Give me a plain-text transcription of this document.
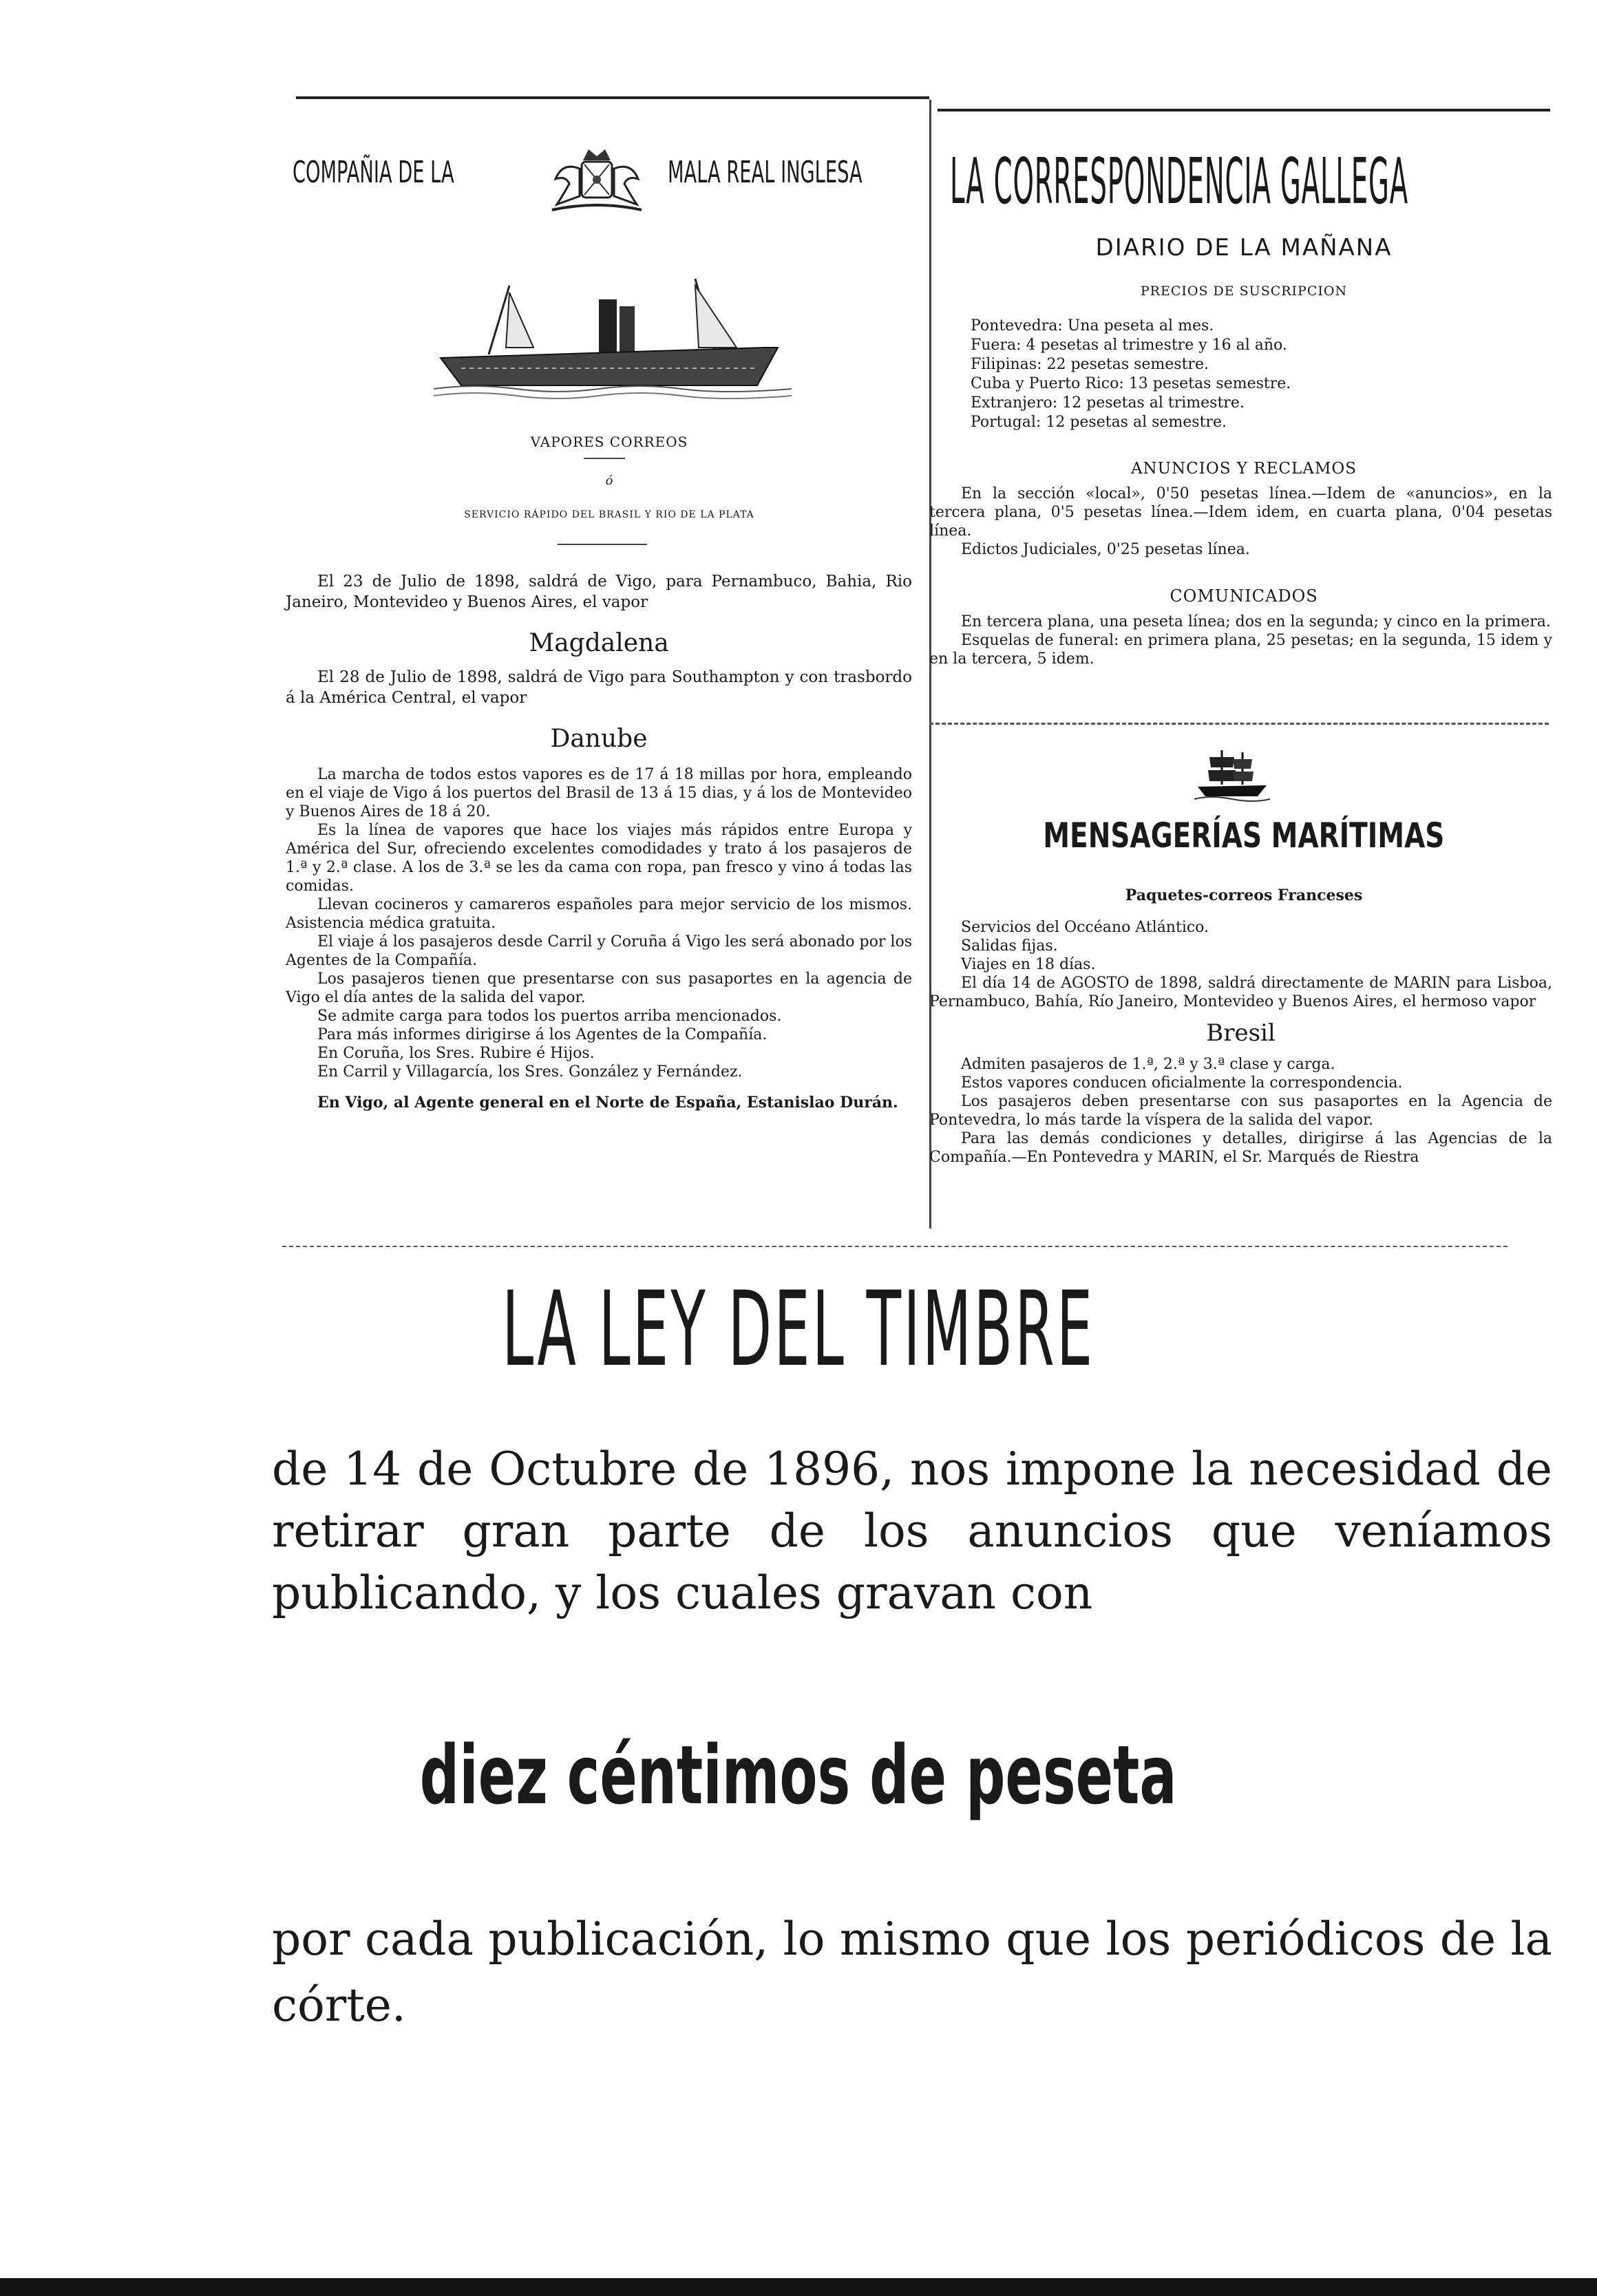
COMPAÑIA DE LA	MALA REAL INGLESA
VAPORES CORREOS
ó
SERVICIO RÁPIDO DEL BRASIL Y RIO DE LA PLATA

El 23 de Julio de 1898, saldrá de Vigo, para Pernambuco, Bahia, Rio Janeiro, Montevideo y Buenos Aires, el vapor

Magdalena

El 28 de Julio de 1898, saldrá de Vigo para Southampton y con trasbordo á la América Central, el vapor

Danube

La marcha de todos estos vapores es de 17 á 18 millas por hora, empleando en el viaje de Vigo á los puertos del Brasil de 13 á 15 dias, y á los de Montevideo y Buenos Aires de 18 á 20.

Es la línea de vapores que hace los viajes más rápidos entre Europa y América del Sur, ofreciendo excelentes comodidades y trato á los pasajeros de 1.ª y 2.ª clase. A los de 3.ª se les da cama con ropa, pan fresco y vino á todas las comidas.

Llevan cocineros y camareros españoles para mejor servicio de los mismos. Asistencia médica gratuita.

El viaje á los pasajeros desde Carril y Coruña á Vigo les será abonado por los Agentes de la Compañía.

Los pasajeros tienen que presentarse con sus pasaportes en la agencia de Vigo el día antes de la salida del vapor.

Se admite carga para todos los puertos arriba mencionados.

Para más informes dirigirse á los Agentes de la Compañía.

En Coruña, los Sres. Rubire é Hijos.

En Carril y Villagarcía, los Sres. González y Fernández.

En Vigo, al Agente general en el Norte de España, Estanislao Durán.

LA CORRESPONDENCIA GALLEGA
DIARIO DE LA MAÑANA
PRECIOS DE SUSCRIPCION
Pontevedra: Una peseta al mes.
Fuera: 4 pesetas al trimestre y 16 al año.
Filipinas: 22 pesetas semestre.
Cuba y Puerto Rico: 13 pesetas semestre.
Extranjero: 12 pesetas al trimestre.
Portugal: 12 pesetas al semestre.
ANUNCIOS Y RECLAMOS

En la sección «local», 0'50 pesetas línea.—Idem de «anuncios», en la tercera plana, 0'5 pesetas línea.—Idem idem, en cuarta plana, 0'04 pesetas línea.

Edictos Judiciales, 0'25 pesetas línea.

COMUNICADOS

En tercera plana, una peseta línea; dos en la segunda; y cinco en la primera.

Esquelas de funeral: en primera plana, 25 pesetas; en la segunda, 15 idem y en la tercera, 5 idem.

MENSAGERÍAS MARÍTIMAS
Paquetes-correos Franceses

Servicios del Occéano Atlántico.

Salidas fijas.

Viajes en 18 días.

El día 14 de AGOSTO de 1898, saldrá directamente de MARIN para Lisboa, Pernambuco, Bahía, Río Janeiro, Montevideo y Buenos Aires, el hermoso vapor

Bresil

Admiten pasajeros de 1.ª, 2.ª y 3.ª clase y carga.

Estos vapores conducen oficialmente la correspondencia.

Los pasajeros deben presentarse con sus pasaportes en la Agencia de Pontevedra, lo más tarde la víspera de la salida del vapor.

Para las demás condiciones y detalles, dirigirse á las Agencias de la Compañía.—En Pontevedra y MARIN, el Sr. Marqués de Riestra

LA LEY DEL TIMBRE
de 14 de Octubre de 1896, nos impone la necesidad de retirar gran parte de los anuncios que veníamos publicando, y los cuales gravan con
diez céntimos de peseta
por cada publicación, lo mismo que los periódicos de la córte.
